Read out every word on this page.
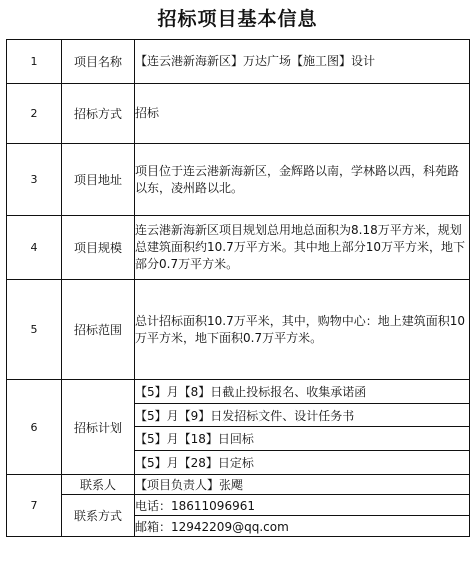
招标项目基本信息
1	项目名称	【连云港新海新区】万达广场【施工图】设计
2	招标方式	招标
3	项目地址	项目位于连云港新海新区，金辉路以南，学林路以西，科苑路以东，凌州路以北。
4	项目规模	连云港新海新区项目规划总用地总面积为8.18万平方米，规划总建筑面积约10.7万平方米。其中地上部分10万平方米，地下部分0.7万平方米。
5	招标范围	总计招标面积10.7万平米，其中，购物中心：地上建筑面积10万平方米，地下面积0.7万平方米。
6	招标计划	【5】月【8】日截止投标报名、收集承诺函
		【5】月【9】日发招标文件、设计任务书
		【5】月【18】日回标
		【5】月【28】日定标
7	联系人	【项目负责人】张飔
	联系方式	电话：18611096961
		邮箱：12942209@qq.com
